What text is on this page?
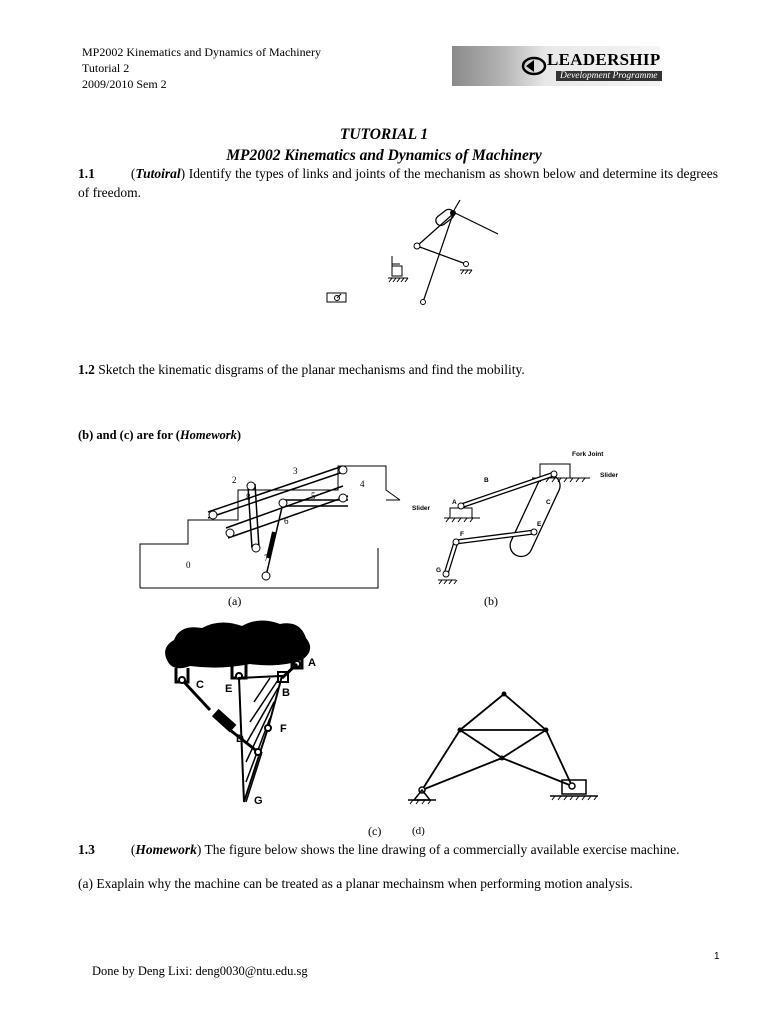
MP2002 Kinematics and Dynamics of Machinery
Tutorial 2
2009/2010 Sem 2
LEADERSHIP
Development Programme
TUTORIAL 1
MP2002 Kinematics and Dynamics of Machinery
1.1	(Tutoiral) Identify the types of links and joints of the mechanism as shown below and determine its degrees of freedom.
1.2 Sketch the kinematic disgrams of the planar mechanisms and find the mobility.
(b) and (c) are for (Homework)
2
3
4
5
6
7
8
0
(a)
Fork Joint
Slider
Slider
A
B
C
E
F
G
(b)
A
B
C E
F
D
G
(c)	(d)
1.3	(Homework) The figure below shows the line drawing of a commercially available exercise machine.
(a) Exaplain why the machine can be treated as a planar mechainsm when performing motion analysis.
1
Done by Deng Lixi: deng0030@ntu.edu.sg
